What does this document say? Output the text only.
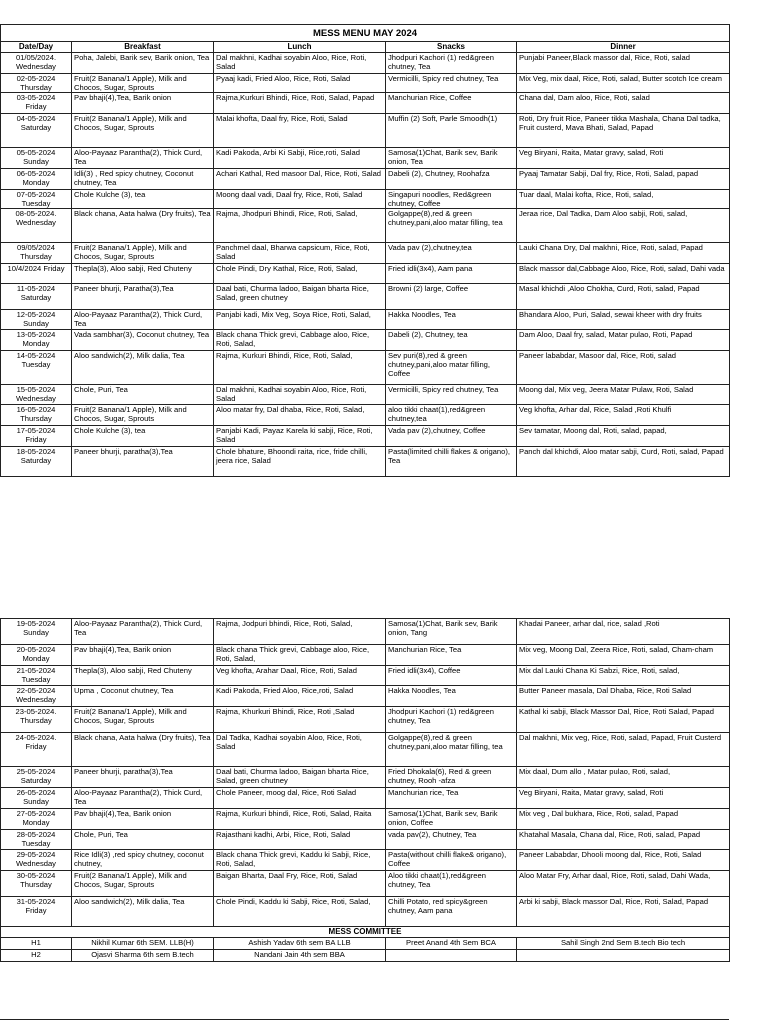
MESS MENU MAY 2024				
Date/Day	Breakfast	Lunch	Snacks	Dinner

01/05/2024.
Wednesday	Poha, Jalebi, Barik sev, Barik onion, Tea	Dal makhni, Kadhai soyabin Aloo, Rice, Roti, Salad	Jhodpuri Kachori (1) red&green chutney, Tea	Punjabi Paneer,Black massor dal, Rice, Roti, salad

02-05-2024
Thursday	Fruit(2 Banana/1 Apple), Milk and Chocos, Sugar, Sprouts	Pyaaj kadi, Fried Aloo, Rice, Roti, Salad	Vermicilli, Spicy red chutney, Tea	Mix Veg, mix daal, Rice, Roti, salad, Butter scotch Ice cream

03-05-2024
Friday	Pav bhaji(4),Tea, Barik onion	Rajma,Kurkuri Bhindi, Rice, Roti, Salad, Papad	Manchurian Rice, Coffee	Chana dal, Dam aloo, Rice, Roti, salad

04-05-2024
Saturday	Fruit(2 Banana/1 Apple), Milk and Chocos, Sugar, Sprouts	Malai khofta, Daal fry, Rice, Roti, Salad	Muffin (2) Soft, Parle Smoodh(1)	Roti, Dry fruit Rice, Paneer tikka Mashala, Chana Dal tadka, Fruit custerd, Mava Bhati, Salad, Papad

05-05-2024
Sunday	Aloo-Payaaz Parantha(2), Thick Curd, Tea	Kadi Pakoda, Arbi Ki Sabji, Rice,roti, Salad	Samosa(1)Chat, Barik sev, Barik onion, Tea	Veg Biryani, Raita, Matar gravy, salad, Roti

06-05-2024
Monday	Idli(3) , Red spicy chutney, Coconut chutney, Tea	Achari Kathal, Red masoor Dal, Rice, Roti, Salad	Dabeli (2), Chutney, Roohafza	Pyaaj Tamatar Sabji, Dal fry, Rice, Roti, Salad, papad

07-05-2024
Tuesday	Chole Kulche (3), tea	Moong daal vadi, Daal fry, Rice, Roti, Salad	Singapuri noodles, Red&green chutney, Coffee	Tuar daal, Malai kofta, Rice, Roti, salad,

08-05-2024.
Wednesday	Black chana, Aata halwa (Dry fruits), Tea	Rajma, Jhodpuri Bhindi, Rice, Roti, Salad,	Golgappe(8),red & green chutney,pani,aloo matar filling, tea	Jeraa rice, Dal Tadka, Dam Aloo sabji, Roti, salad,

09/05/2024
Thursday	Fruit(2 Banana/1 Apple), Milk and Chocos, Sugar, Sprouts	Panchmel daal, Bharwa capsicum, Rice, Roti, Salad	Vada pav (2),chutney,tea	Lauki Chana Dry, Dal makhni, Rice, Roti, salad, Papad

10/4/2024 Friday	Thepla(3), Aloo sabji, Red Chuteny	Chole Pindi, Dry Kathal, Rice, Roti, Salad,	Fried idli(3x4), Aam pana	Black massor dal,Cabbage Aloo, Rice, Roti, salad, Dahi vada

11-05-2024
Saturday	Paneer bhurji, Paratha(3),Tea	Daal bati, Churma ladoo, Baigan bharta Rice, Salad, green chutney	Browni (2) large, Coffee	Masal khichdi ,Aloo Chokha, Curd, Roti, salad, Papad

12-05-2024
Sunday	Aloo-Payaaz Parantha(2), Thick Curd, Tea	Panjabi kadi, Mix Veg, Soya Rice, Roti, Salad,	Hakka Noodles, Tea	Bhandara Aloo, Puri, Salad, sewai kheer with dry fruits

13-05-2024
Monday	Vada sambhar(3), Coconut chutney, Tea	Black chana Thick grevi, Cabbage aloo, Rice, Roti, Salad,	Dabeli (2), Chutney, tea	Dam Aloo, Daal fry, salad, Matar pulao, Roti, Papad

14-05-2024
Tuesday	Aloo sandwich(2), Milk dalia, Tea	Rajma, Kurkuri Bhindi, Rice, Roti, Salad,	Sev puri(8),red & green chutney,pani,aloo matar filling, Coffee	Paneer lababdar, Masoor dal, Rice, Roti, salad

15-05-2024
Wednesday	Chole, Puri, Tea	Dal makhni, Kadhai soyabin Aloo, Rice, Roti, Salad	Vermicilli, Spicy red chutney, Tea	Moong dal, Mix veg, Jeera Matar Pulaw, Roti, Salad

16-05-2024
Thursday	Fruit(2 Banana/1 Apple), Milk and Chocos, Sugar, Sprouts	Aloo matar fry, Dal dhaba, Rice, Roti, Salad,	aloo tikki chaat(1),red&green chutney,tea	Veg khofta, Arhar dal, Rice, Salad ,Roti Khulfi

17-05-2024
Friday	Chole Kulche (3), tea	Panjabi Kadi, Payaz Karela ki sabji, Rice, Roti, Salad	Vada pav (2),chutney, Coffee	Sev tamatar, Moong dal, Roti, salad, papad,

18-05-2024
Saturday	Paneer bhurji, paratha(3),Tea	Chole bhature, Bhoondi raita, rice, fride chilli, jeera rice, Salad	Pasta(limited chilli flakes & origano), Tea	Panch dal khichdi, Aloo matar sabji, Curd, Roti, salad, Papad
19-05-2024
Sunday	Aloo-Payaaz Parantha(2), Thick Curd, Tea	Rajma, Jodpuri bhindi, Rice, Roti, Salad,	Samosa(1)Chat, Barik sev, Barik onion, Tang	Khadai Paneer, arhar dal, rice, salad ,Roti

20-05-2024
Monday	Pav bhaji(4),Tea, Barik onion	Black chana Thick grevi, Cabbage aloo, Rice, Roti, Salad,	Manchurian Rice, Tea	Mix veg, Moong Dal, Zeera Rice, Roti, salad, Cham-cham

21-05-2024
Tuesday	Thepla(3), Aloo sabji, Red Chuteny	Veg khofta, Arahar Daal, Rice, Roti, Salad	Fried idli(3x4), Coffee	Mix dal Lauki Chana Ki Sabzi, Rice, Roti, salad,

22-05-2024
Wednesday	Upma , Coconut chutney, Tea	Kadi Pakoda, Fried Aloo, Rice,roti, Salad	Hakka Noodles, Tea	Butter Paneer masala, Dal Dhaba, Rice, Roti Salad

23-05-2024.
Thursday	Fruit(2 Banana/1 Apple), Milk and Chocos, Sugar, Sprouts	Rajma, Khurkuri Bhindi, Rice, Roti ,Salad	Jhodpuri Kachori (1) red&green chutney, Tea	Kathal ki sabji, Black Massor Dal, Rice, Roti Salad, Papad

24-05-2024.
Friday	Black chana, Aata halwa (Dry fruits), Tea	Dal Tadka, Kadhai soyabin Aloo, Rice, Roti, Salad	Golgappe(8),red & green chutney,pani,aloo matar filling, tea	Dal makhni, Mix veg, Rice, Roti, salad, Papad, Fruit Custerd

25-05-2024
Saturday	Paneer bhurji, paratha(3),Tea	Daal bati, Churma ladoo, Baigan bharta Rice, Salad, green chutney	Fried Dhokala(6), Red & green chutney, Rooh -afza	Mix daal, Dum allo , Matar pulao, Roti, salad,

26-05-2024
Sunday	Aloo-Payaaz Parantha(2), Thick Curd, Tea	Chole Paneer, moog dal, Rice, Roti Salad	Manchurian rice, Tea	Veg Biryani, Raita, Matar gravy, salad, Roti

27-05-2024
Monday	Pav bhaji(4),Tea, Barik onion	Rajma, Kurkuri bhindi, Rice, Roti, Salad, Raita	Samosa(1)Chat, Barik sev, Barik onion, Coffee	Mix veg , Dal bukhara, Rice, Roti, salad, Papad

28-05-2024
Tuesday	Chole, Puri, Tea	Rajasthani kadhi, Arbi, Rice, Roti, Salad	vada pav(2), Chutney, Tea	Khatahal Masala, Chana dal, Rice, Roti, salad, Papad

29-05-2024
Wednesday	Rice Idli(3) ,red spicy chutney, coconut chutney,	Black chana Thick grevi, Kaddu ki Sabji, Rice, Roti, Salad,	Pasta(without chilli flake& origano), Coffee	Paneer Lababdar, Dhooli moong dal, Rice, Roti, Salad

30-05-2024
Thursday	Fruit(2 Banana/1 Apple), Milk and Chocos, Sugar, Sprouts	Baigan Bharta, Daal Fry, Rice, Roti, Salad	Aloo tikki chaat(1),red&green chutney, Tea	Aloo Matar Fry, Arhar daal, Rice, Roti, salad, Dahi Wada,

31-05-2024
Friday	Aloo sandwich(2), Milk dalia, Tea	Chole Pindi, Kaddu ki Sabji, Rice, Roti, Salad,	Chilli Potato, red spicy&green chutney, Aam pana	Arbi ki sabji, Black massor Dal, Rice, Roti, Salad, Papad
MESS COMMITTEE				
H1	Nikhil Kumar 6th SEM. LLB(H)	Ashish Yadav 6th sem BA LLB	Preet Anand 4th Sem BCA	Sahil Singh 2nd Sem B.tech Bio tech
H2	Ojasvi Sharma 6th sem B.tech	Nandani Jain 4th sem BBA		
